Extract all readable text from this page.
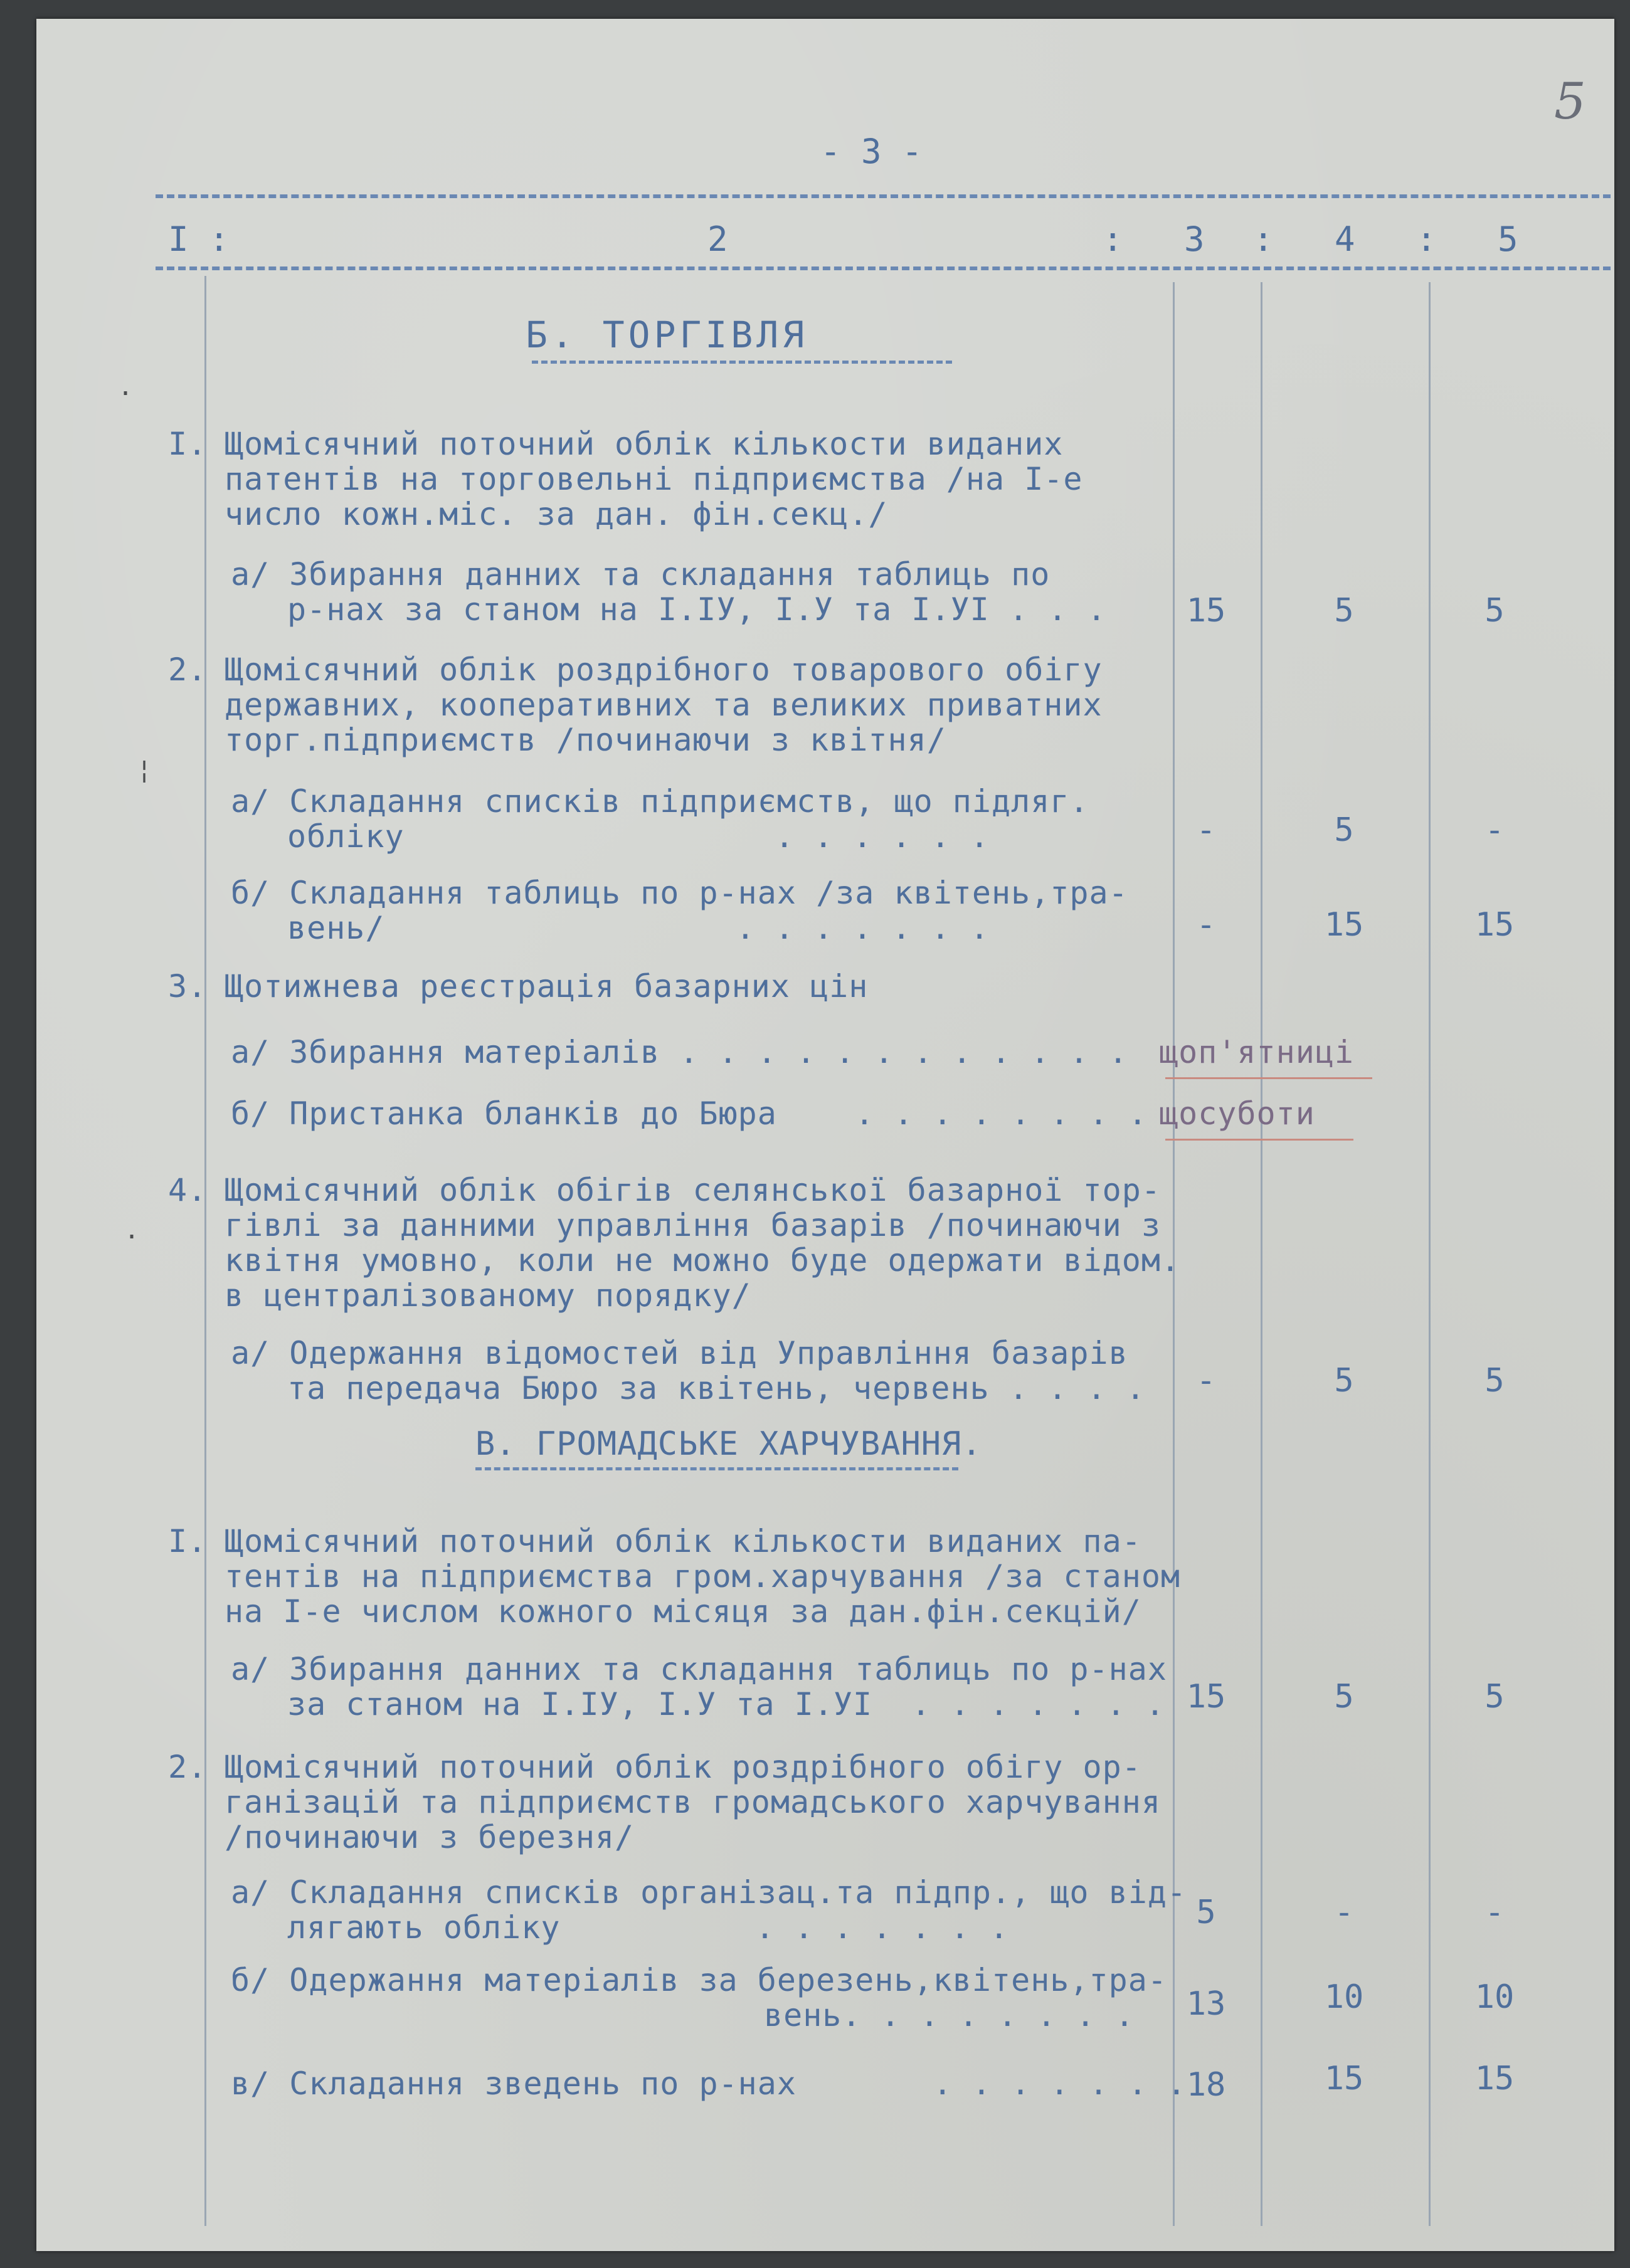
- 3 -
5
I :	2	: 3 : 4 : 5
Б. ТОРГІВЛЯ
I. Щомісячний поточний облік кількости виданих
патентів на торговельні підприємства /на I-е
число кожн.міс. за дан. фін.секц./
а/ Збирання данних та складання таблиць по
р-нах за станом на I.IУ, I.У та I.УI . . .	15	5	5
2. Щомісячний облік роздрібного товарового обігу
державних, кооперативних та великих приватних
торг.підприємств /починаючи з квітня/
а/ Складання списків підприємств, що підляг.
обліку                   . . . . . .	-	5	-
б/ Складання таблиць по р-нах /за квітень,тра-
вень/                  . . . . . . .	-	15	15
3. Щотижнева реєстрація базарних цін
а/ Збирання матеріалів . . . . . . . . . . . . щоп'ятниці
б/ Пристанка бланків до Бюра    . . . . . . . . щосуботи
4. Щомісячний облік обігів селянської базарної тор-
гівлі за данними управління базарів /починаючи з
квітня умовно, коли не можно буде одержати відом.
в централізованому порядку/
а/ Одержання відомостей від Управління базарів
та передача Бюро за квітень, червень . . . .	-	5	5
В. ГРОМАДСЬКЕ ХАРЧУВАННЯ.
I. Щомісячний поточний облік кількости виданих па-
тентів на підприємства гром.харчування /за станом
на I-е числом кожного місяця за дан.фін.секцій/
а/ Збирання данних та складання таблиць по р-нах
за станом на I.IУ, I.У та I.УI  . . . . . . . 15	5	5
2. Щомісячний поточний облік роздрібного обігу ор-
ганізацій та підприємств громадського харчування
/починаючи з березня/
а/ Складання списків організац.та підпр., що від-
лягають обліку          . . . . . . .	5	-	-
б/ Одержання матеріалів за березень,квітень,тра-
вень. . . . . . . .	13	10	10
в/ Складання зведень по р-нах       . . . . . . . 18	15	15
·
¦
·
